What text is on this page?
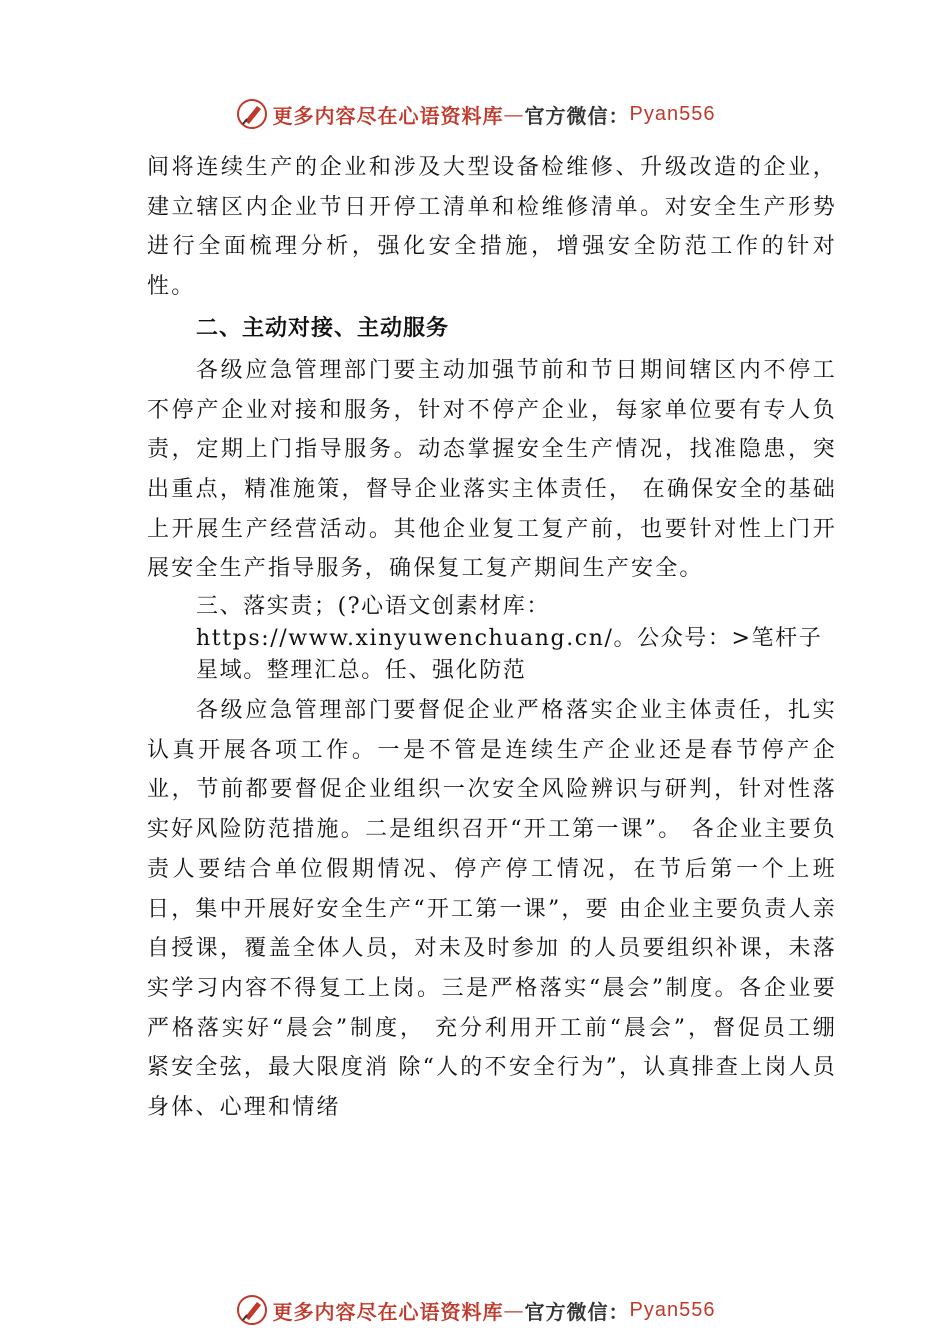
更多内容尽在心语资料库 — 官方微信： Pyan556

间将连续生产的企业和涉及大型设备检维修、升级改造的企业，建立辖区内企业节日开停工清单和检维修清单。对安全生产形势进行全面梳理分析，强化安全措施，增强安全防范工作的针对性。

二、主动对接、主动服务

各级应急管理部门要主动加强节前和节日期间辖区内不停工不停产企业对接和服务，针对不停产企业，每家单位要有专人负责，定期上门指导服务。动态掌握安全生产情况，找准隐患，突出重点，精准施策，督导企业落实主体责任， 在确保安全的基础上开展生产经营活动。其他企业复工复产前，也要针对性上门开展安全生产指导服务，确保复工复产期间生产安全。

三、落实责；(?心语文创素材库：https://www.xinyuwenchuang.cn/。公众号：>笔杆子星域。整理汇总。任、强化防范

各级应急管理部门要督促企业严格落实企业主体责任，扎实认真开展各项工作。一是不管是连续生产企业还是春节停产企业，节前都要督促企业组织一次安全风险辨识与研判，针对性落实好风险防范措施。二是组织召开“开工第一课”。 各企业主要负责人要结合单位假期情况、停产停工情况，在节后第一个上班日，集中开展好安全生产“开工第一课”，要 由企业主要负责人亲自授课，覆盖全体人员，对未及时参加 的人员要组织补课，未落实学习内容不得复工上岗。三是严格落实“晨会”制度。各企业要严格落实好“晨会”制度， 充分利用开工前“晨会”，督促员工绷紧安全弦，最大限度消 除“人的不安全行为”，认真排查上岗人员身体、心理和情绪

更多内容尽在心语资料库 — 官方微信： Pyan556
